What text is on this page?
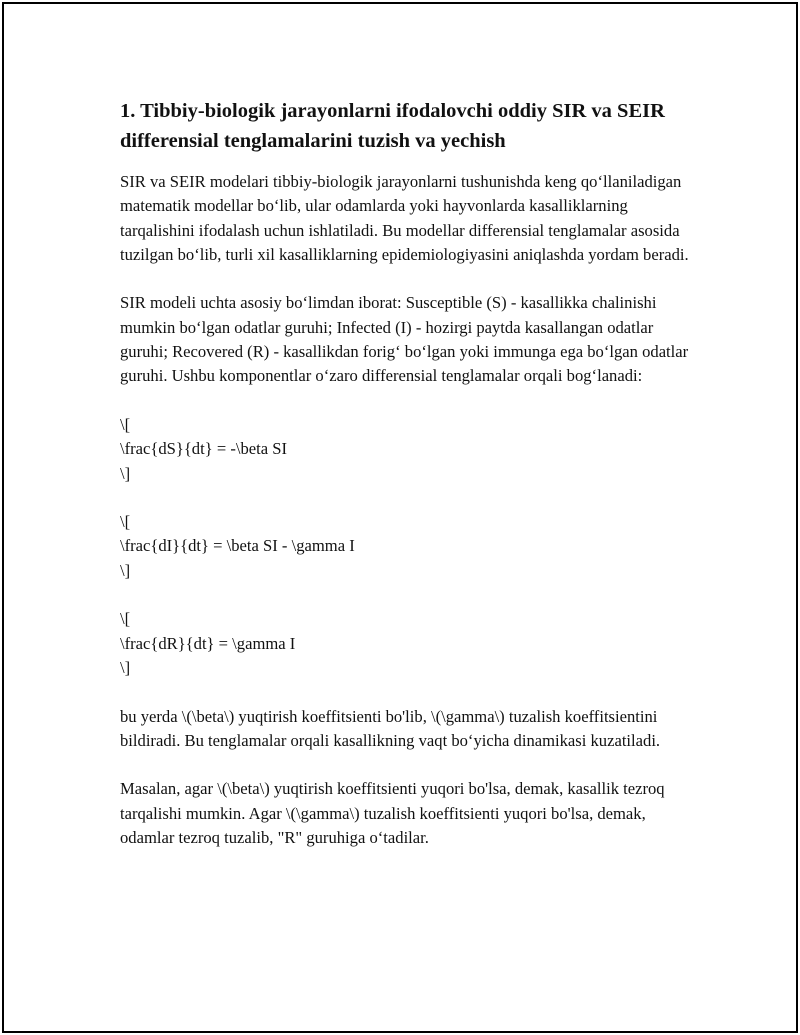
1. Tibbiy-biologik jarayonlarni ifodalovchi oddiy SIR va SEIR differensial tenglamalarini tuzish va yechish

SIR va SEIR modelari tibbiy-biologik jarayonlarni tushunishda keng qo‘llaniladigan matematik modellar bo‘lib, ular odamlarda yoki hayvonlarda kasalliklarning tarqalishini ifodalash uchun ishlatiladi. Bu modellar differensial tenglamalar asosida tuzilgan bo‘lib, turli xil kasalliklarning epidemiologiyasini aniqlashda yordam beradi.

SIR modeli uchta asosiy bo‘limdan iborat: Susceptible (S) - kasallikka chalinishi mumkin bo‘lgan odatlar guruhi; Infected (I) - hozirgi paytda kasallangan odatlar guruhi; Recovered (R) - kasallikdan forig‘ bo‘lgan yoki immunga ega bo‘lgan odatlar guruhi. Ushbu komponentlar o‘zaro differensial tenglamalar orqali bog‘lanadi:

\[
\frac{dS}{dt} = -\beta SI
\]
\[
\frac{dI}{dt} = \beta SI - \gamma I
\]
\[
\frac{dR}{dt} = \gamma I
\]

bu yerda \(\beta\) yuqtirish koeffitsienti bo'lib, \(\gamma\) tuzalish koeffitsientini bildiradi. Bu tenglamalar orqali kasallikning vaqt bo‘yicha dinamikasi kuzatiladi.

Masalan, agar \(\beta\) yuqtirish koeffitsienti yuqori bo'lsa, demak, kasallik tezroq tarqalishi mumkin. Agar \(\gamma\) tuzalish koeffitsienti yuqori bo'lsa, demak, odamlar tezroq tuzalib, "R" guruhiga o‘tadilar.
